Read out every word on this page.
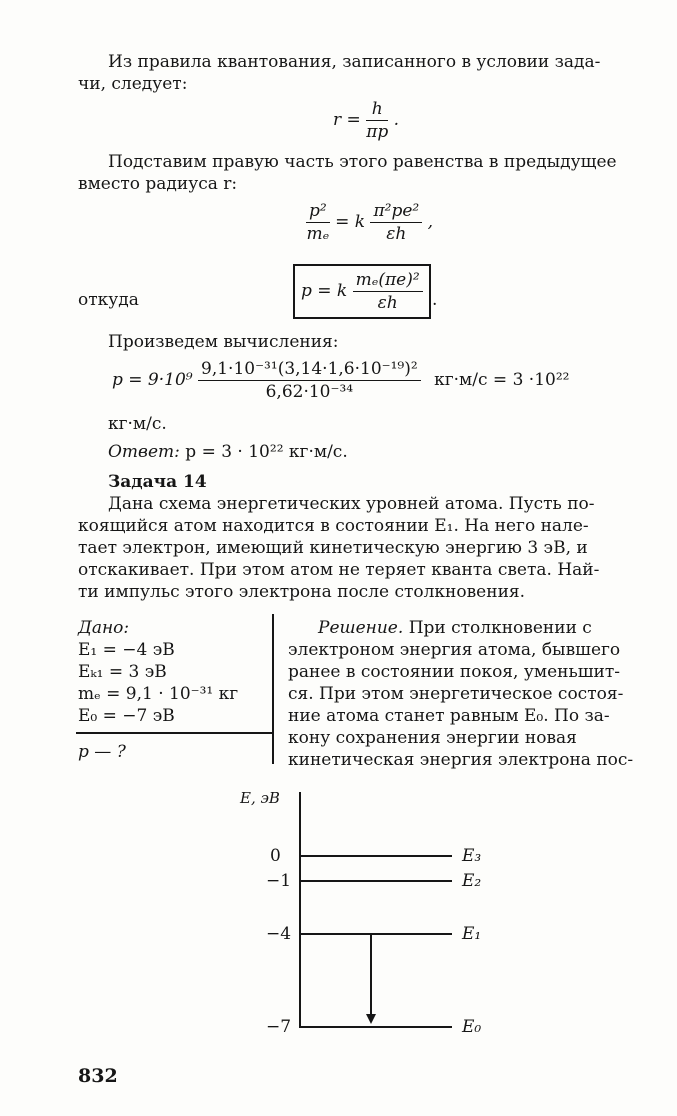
Из правила квантования, записанного в условии зада-
чи, следует:
$r = \frac{h}{\pi p}$ .
Подставим правую часть этого равенства в предыдущее
вместо радиуса r:
$\frac{\text{p²}}{\text{mₑ}} = k \frac{\text{π²pe²}}{\varepsilon h}$ ,
откуда	p = k $\frac{\text{mₑ(πe)²}}{\varepsilon h}$ .
Произведем вычисления:
$p = 9\cdot 10^9 \frac{\text{9,1·10⁻³¹(3,14·1,6·10⁻¹⁹)²}}{\text{6,62·10⁻³⁴}} кг\cdot м/с = 3 \cdot 10^{22}$
кг·м/с.
Ответ: p = 3 · 10²² кг·м/с.
Задача 14
Дана схема энергетических уровней атома. Пусть по-
коящийся атом находится в состоянии E₁. На него нале-
тает электрон, имеющий кинетическую энергию 3 эВ, и
отскакивает. При этом атом не теряет кванта света. Най-
ти импульс этого электрона после столкновения.
Дано:
E₁ = −4 эВ
Eₖ₁ = 3 эВ
mₑ = 9,1 · 10⁻³¹ кг
E₀ = −7 эВ
p — ?
Решение. При столкновении с
электроном энергия атома, бывшего
ранее в состоянии покоя, уменьшит-
ся. При этом энергетическое состоя-
ние атома станет равным E₀. По за-
кону сохранения энергии новая
кинетическая энергия электрона пос-
E, эВ
0	E₃
−1	E₂
−4	E₁
−7	E₀
832
